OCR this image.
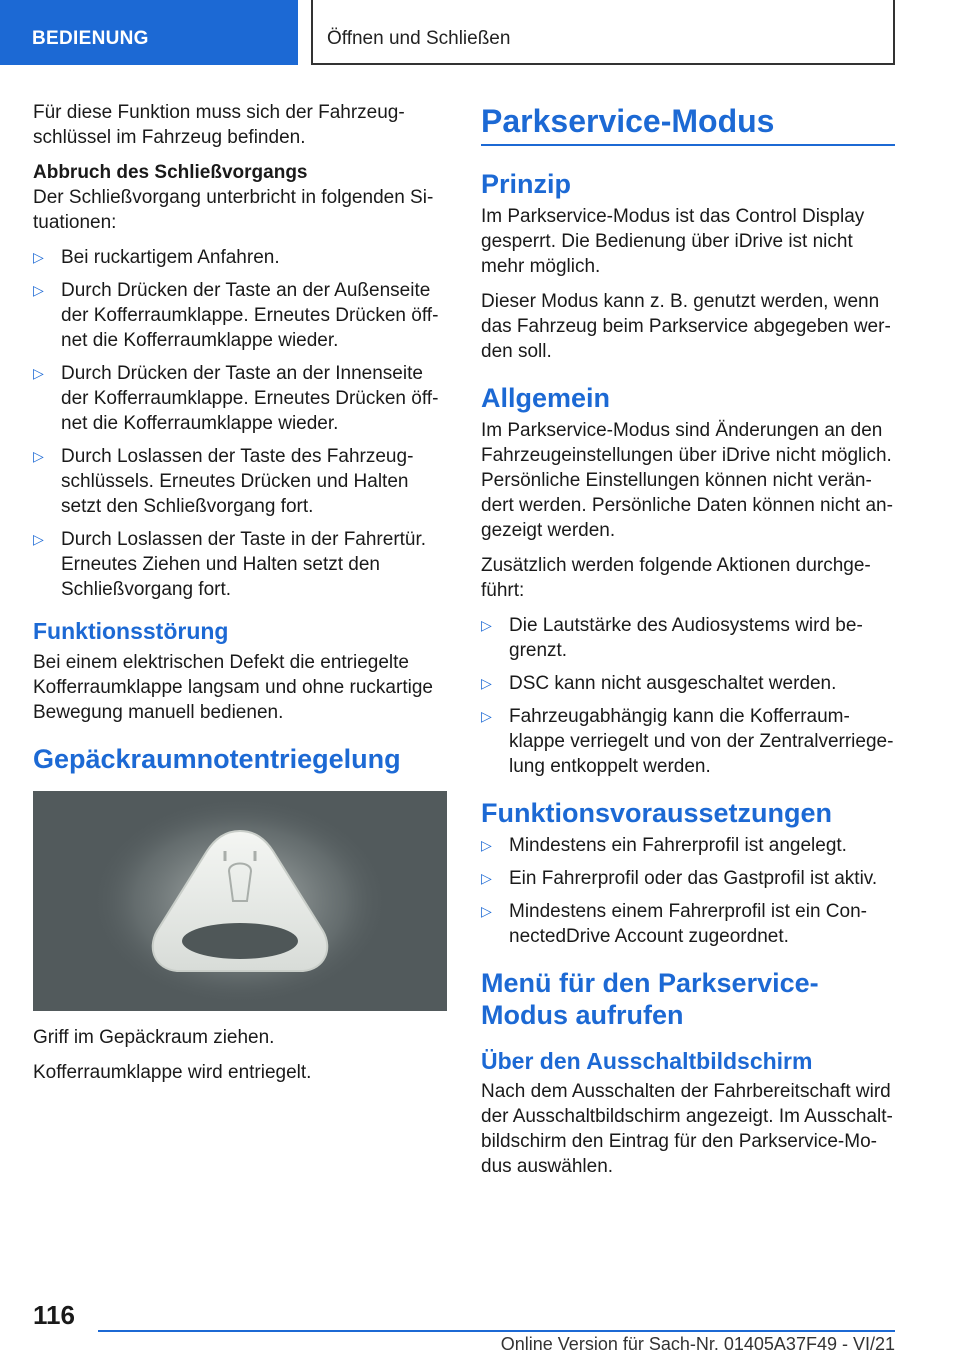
BEDIENUNG	Öffnen und Schließen

Für diese Funktion muss sich der Fahrzeugschlüssel im Fahrzeug befinden.

Abbruch des Schließvorgangs

Der Schließvorgang unterbricht in folgenden Situationen:

▷ Bei ruckartigem Anfahren.
▷ Durch Drücken der Taste an der Außenseite der Kofferraumklappe. Erneutes Drücken öffnet die Kofferraumklappe wieder.
▷ Durch Drücken der Taste an der Innenseite der Kofferraumklappe. Erneutes Drücken öffnet die Kofferraumklappe wieder.
▷ Durch Loslassen der Taste des Fahrzeugschlüssels. Erneutes Drücken und Halten setzt den Schließvorgang fort.
▷ Durch Loslassen der Taste in der Fahrertür. Erneutes Ziehen und Halten setzt den Schließvorgang fort.
Funktionsstörung

Bei einem elektrischen Defekt die entriegelte Kofferraumklappe langsam und ohne ruckartige Bewegung manuell bedienen.

Gepäckraumnotentriegelung

Griff im Gepäckraum ziehen.

Kofferraumklappe wird entriegelt.

Parkservice-Modus
Prinzip

Im Parkservice-Modus ist das Control Display gesperrt. Die Bedienung über iDrive ist nicht mehr möglich.

Dieser Modus kann z. B. genutzt werden, wenn das Fahrzeug beim Parkservice abgegeben werden soll.

Allgemein

Im Parkservice-Modus sind Änderungen an den Fahrzeugeinstellungen über iDrive nicht möglich. Persönliche Einstellungen können nicht verändert werden. Persönliche Daten können nicht angezeigt werden.

Zusätzlich werden folgende Aktionen durchgeführt:

▷ Die Lautstärke des Audiosystems wird begrenzt.
▷ DSC kann nicht ausgeschaltet werden.
▷ Fahrzeugabhängig kann die Kofferraumklappe verriegelt und von der Zentralverriegelung entkoppelt werden.
Funktionsvoraussetzungen
▷ Mindestens ein Fahrerprofil ist angelegt.
▷ Ein Fahrerprofil oder das Gastprofil ist aktiv.
▷ Mindestens einem Fahrerprofil ist ein ConnectedDrive Account zugeordnet.
Menü für den Parkservice-Modus aufrufen
Über den Ausschaltbildschirm

Nach dem Ausschalten der Fahrbereitschaft wird der Ausschaltbildschirm angezeigt. Im Ausschaltbildschirm den Eintrag für den Parkservice-Modus auswählen.

116
Online Version für Sach-Nr. 01405A37F49 - VI/21
